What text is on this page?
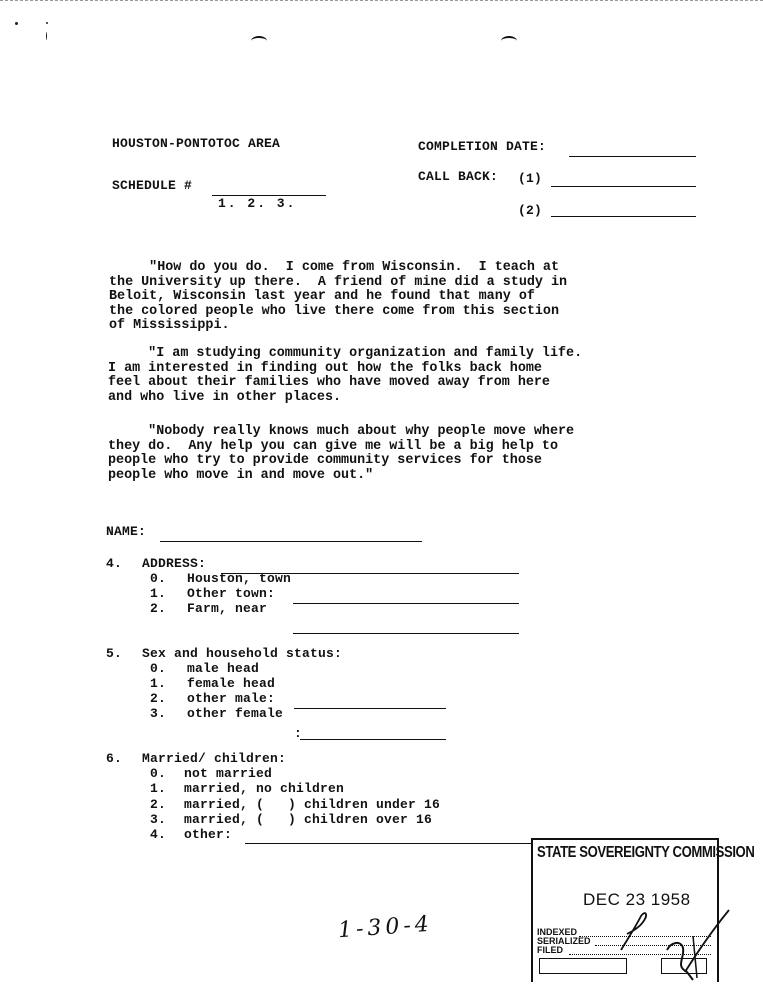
HOUSTON-PONTOTOC AREA
SCHEDULE #
1. 2. 3.
COMPLETION DATE:
CALL BACK: (1)
(2)
"How do you do.  I come from Wisconsin.  I teach at
the University up there.  A friend of mine did a study in
Beloit, Wisconsin last year and he found that many of
the colored people who live there come from this section
of Mississippi.
"I am studying community organization and family life.
I am interested in finding out how the folks back home
feel about their families who have moved away from here
and who live in other places.
"Nobody really knows much about why people move where
they do.  Any help you can give me will be a big help to
people who try to provide community services for those
people who move in and move out."
NAME:
4. ADDRESS:
0. Houston, town
1. Other town:
2. Farm, near
5. Sex and household status:
0. male head
1. female head
2. other male:
3. other female
:
6. Married/ children:
0. not married
1. married, no children
2. married, (   ) children under 16
3. married, (   ) children over 16
4. other:
STATE SOVEREIGNTY COMMISSION
DEC 23 1958
INDEXED
SERIALIZED
FILED
1-30-4
